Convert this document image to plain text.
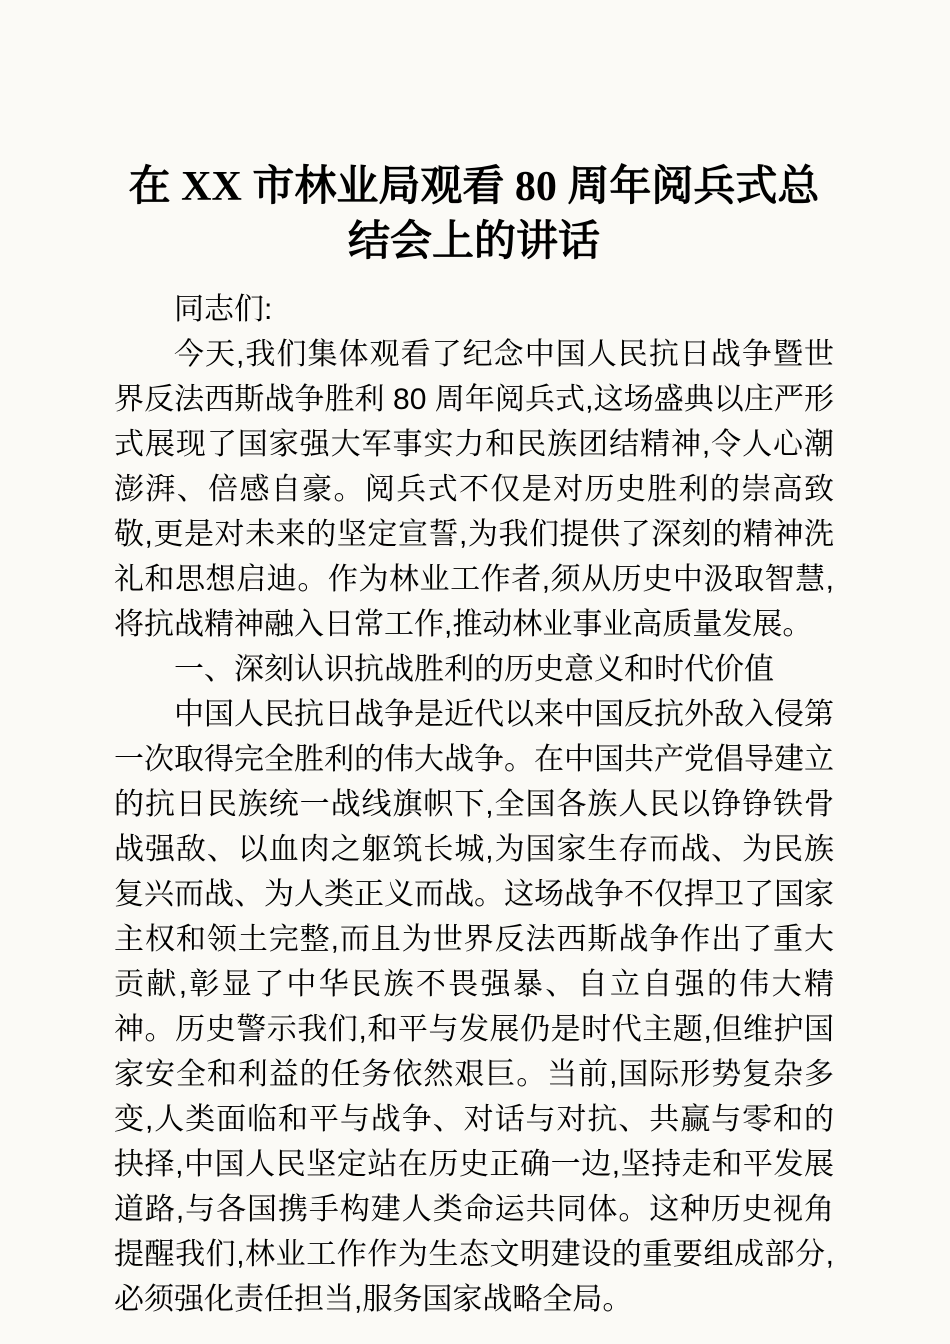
在 XX 市林业局观看 80 周年阅兵式总结会上的讲话

同志们:

今天,我们集体观看了纪念中国人民抗日战争暨世界反法西斯战争胜利 80 周年阅兵式,这场盛典以庄严形式展现了国家强大军事实力和民族团结精神,令人心潮澎湃、倍感自豪。阅兵式不仅是对历史胜利的崇高致敬,更是对未来的坚定宣誓,为我们提供了深刻的精神洗礼和思想启迪。作为林业工作者,须从历史中汲取智慧,将抗战精神融入日常工作,推动林业事业高质量发展。

一、深刻认识抗战胜利的历史意义和时代价值

中国人民抗日战争是近代以来中国反抗外敌入侵第一次取得完全胜利的伟大战争。在中国共产党倡导建立的抗日民族统一战线旗帜下,全国各族人民以铮铮铁骨战强敌、以血肉之躯筑长城,为国家生存而战、为民族复兴而战、为人类正义而战。这场战争不仅捍卫了国家主权和领土完整,而且为世界反法西斯战争作出了重大贡献,彰显了中华民族不畏强暴、自立自强的伟大精神。历史警示我们,和平与发展仍是时代主题,但维护国家安全和利益的任务依然艰巨。当前,国际形势复杂多变,人类面临和平与战争、对话与对抗、共赢与零和的抉择,中国人民坚定站在历史正确一边,坚持走和平发展道路,与各国携手构建人类命运共同体。这种历史视角提醒我们,林业工作作为生态文明建设的重要组成部分,必须强化责任担当,服务国家战略全局。
